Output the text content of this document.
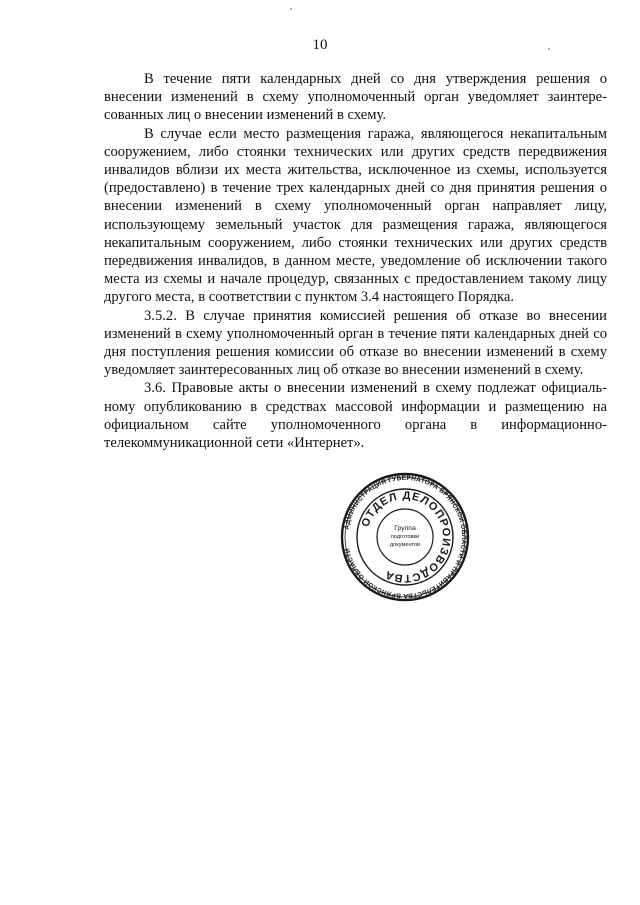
10

В течение пяти календарных дней со дня утверждения решения о внесении изменений в схему уполномоченный орган уведомляет заинтересованных лиц о внесении изменений в схему.

В случае если место размещения гаража, являющегося некапитальным сооружением, либо стоянки технических или других средств передвижения инвалидов вблизи их места жительства, исключенное из схемы, используется (предоставлено) в течение трех календарных дней со дня принятия решения о внесении изменений в схему уполномоченный орган направляет лицу, использующему земельный участок для размещения гаража, являющегося некапитальным сооружением, либо стоянки технических или других средств передвижения инвалидов, в данном месте, уведомление об исключении такого места из схемы и начале процедур, связанных с предоставлением такому лицу другого места, в соответствии с пунктом 3.4 настоящего Порядка.

3.5.2. В случае принятия комиссией решения об отказе во внесении изменений в схему уполномоченный орган в течение пяти календарных дней со дня поступления решения комиссии об отказе во внесении изменений в схему уведомляет заинтересованных лиц об отказе во внесении изменений в схему.

3.6. Правовые акты о внесении изменений в схему подлежат официальному опубликованию в средствах массовой информации и размещению на официальном сайте уполномоченного органа в информационно-телекоммуникационной сети «Интернет».

АДМИНИСТРАЦИЯ ГУБЕРНАТОРА БРЯНСКОЙ ОБЛАСТИ И ПРАВИТЕЛЬСТВА БРЯНСКОЙ ОБЛАСТИ
ОТДЕЛ ДЕЛОПРОИЗВОДСТВА
Группа
подготовки
документов
